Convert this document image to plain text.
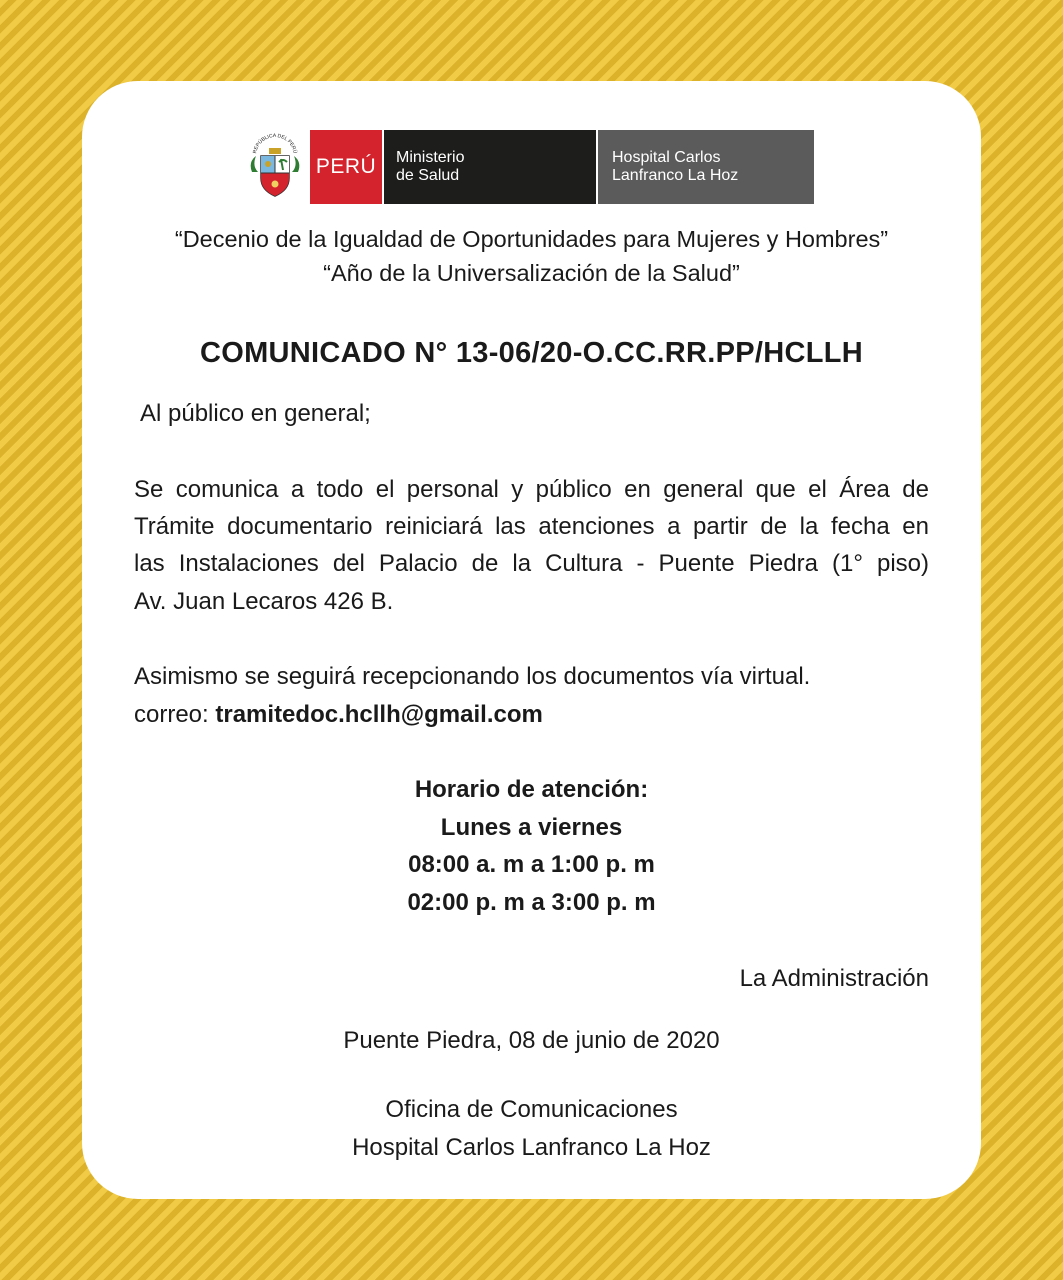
REPÚBLICA DEL PERÚ
PERÚ Ministerio
de Salud
Hospital Carlos
Lanfranco La Hoz
“Decenio de la Igualdad de Oportunidades para Mujeres y Hombres”
“Año de la Universalización de la Salud”
COMUNICADO N° 13-06/20-O.CC.RR.PP/HCLLH
Al público en general;
Se comunica a todo el personal y público en general que el Área de
Trámite documentario reiniciará las atenciones a partir de la fecha en
las Instalaciones del Palacio de la Cultura - Puente Piedra (1° piso)
Av. Juan Lecaros 426 B.
Asimismo se seguirá recepcionando los documentos vía virtual.
correo: tramitedoc.hcllh@gmail.com
Horario de atención:
Lunes a viernes
08:00 a. m a 1:00 p. m
02:00 p. m a 3:00 p. m
La Administración
Puente Piedra, 08 de junio de 2020
Oficina de Comunicaciones
Hospital Carlos Lanfranco La Hoz
